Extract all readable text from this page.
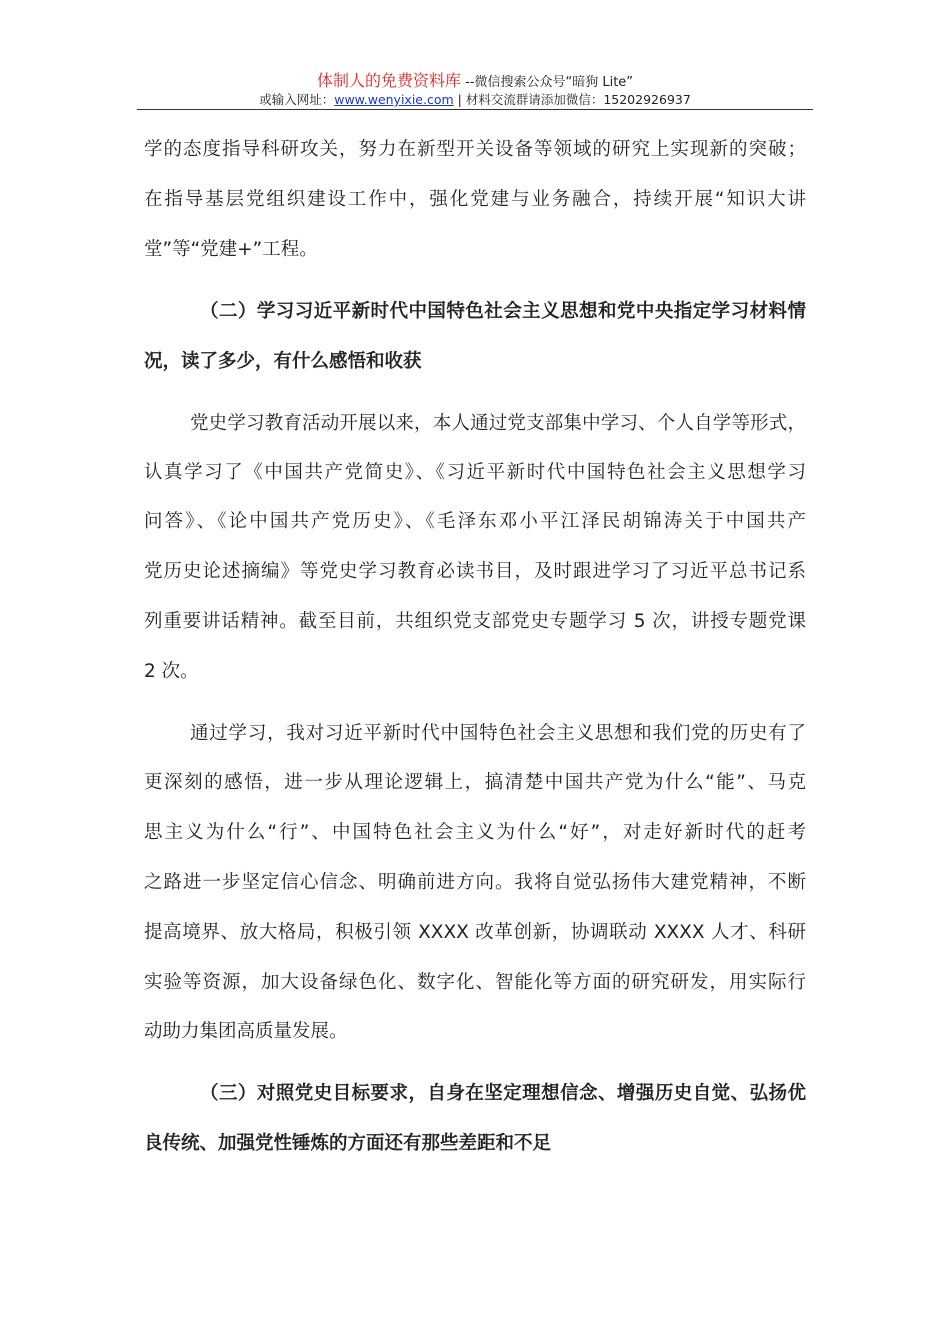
体制人的免费资料库 --微信搜索公众号“暗狗 Lite”
或输入网址：www.wenyixie.com | 材料交流群请添加微信：15202926937
学的态度指导科研攻关，努力在新型开关设备等领域的研究上实现新的突破；
在指导基层党组织建设工作中，强化党建与业务融合，持续开展“知识大讲
堂”等“党建+”工程。
（二）学习习近平新时代中国特色社会主义思想和党中央指定学习材料情
况，读了多少，有什么感悟和收获
党史学习教育活动开展以来，本人通过党支部集中学习、个人自学等形式，
认真学习了《中国共产党简史》、《习近平新时代中国特色社会主义思想学习
问答》、《论中国共产党历史》、《毛泽东邓小平江泽民胡锦涛关于中国共产
党历史论述摘编》等党史学习教育必读书目，及时跟进学习了习近平总书记系
列重要讲话精神。截至目前，共组织党支部党史专题学习 5 次，讲授专题党课
2 次。
通过学习，我对习近平新时代中国特色社会主义思想和我们党的历史有了
更深刻的感悟，进一步从理论逻辑上，搞清楚中国共产党为什么“能”、马克
思主义为什么“行”、中国特色社会主义为什么“好”，对走好新时代的赶考
之路进一步坚定信心信念、明确前进方向。我将自觉弘扬伟大建党精神，不断
提高境界、放大格局，积极引领 XXXX 改革创新，协调联动 XXXX 人才、科研
实验等资源，加大设备绿色化、数字化、智能化等方面的研究研发，用实际行
动助力集团高质量发展。
（三）对照党史目标要求，自身在坚定理想信念、增强历史自觉、弘扬优
良传统、加强党性锤炼的方面还有那些差距和不足
